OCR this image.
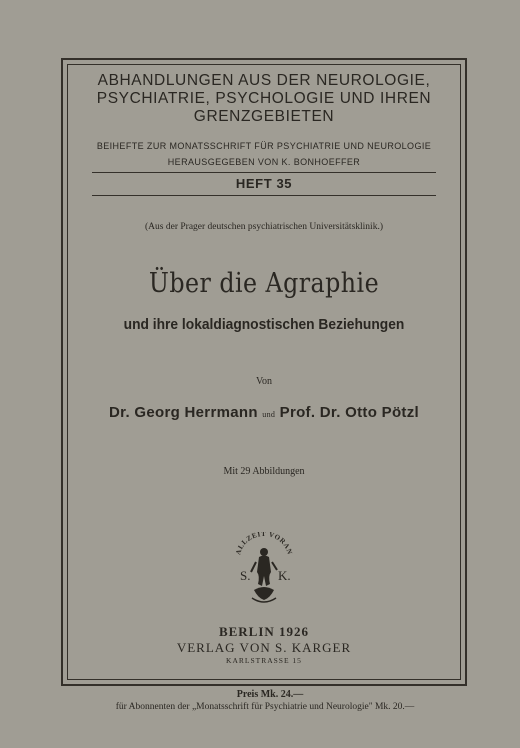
ABHANDLUNGEN AUS DER NEUROLOGIE,
PSYCHIATRIE, PSYCHOLOGIE UND IHREN
GRENZGEBIETEN
BEIHEFTE ZUR MONATSSCHRIFT FÜR PSYCHIATRIE UND NEUROLOGIE
HERAUSGEGEBEN VON K. BONHOEFFER
HEFT 35
(Aus der Prager deutschen psychiatrischen Universitätsklinik.)
Über die Agraphie
und ihre lokaldiagnostischen Beziehungen
Von
Dr. Georg Herrmann und Prof. Dr. Otto Pötzl
Mit 29 Abbildungen
ALLZEIT VORAN
S. K.
BERLIN 1926
VERLAG VON S. KARGER
KARLSTRASSE 15
Preis Mk. 24.—
für Abonnenten der „Monatsschrift für Psychiatrie und Neurologie" Mk. 20.—
